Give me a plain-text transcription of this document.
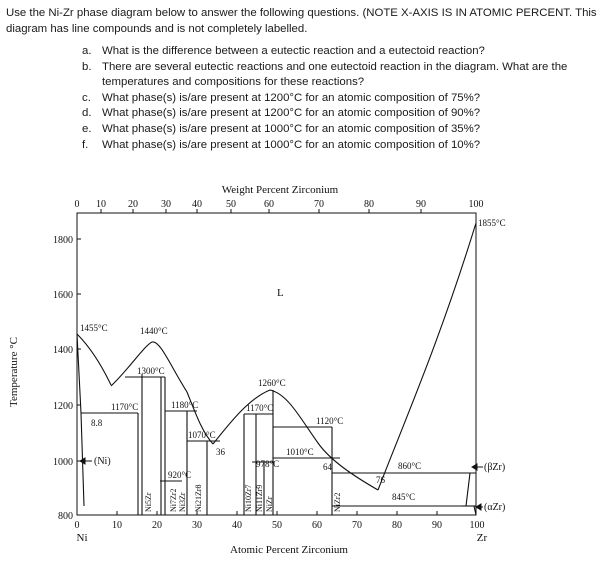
Use the Ni-Zr phase diagram below to answer the following questions. (NOTE X-AXIS IS IN ATOMIC PERCENT. This diagram has line compounds and is not completely labelled.

a. What is the difference between a eutectic reaction and a eutectoid reaction?
b. There are several eutectic reactions and one eutectoid reaction in the diagram. What are the temperatures and compositions for these reactions?
c. What phase(s) is/are present at 1200°C for an atomic composition of 75%?
d. What phase(s) is/are present at 1200°C for an atomic composition of 90%?
e. What phase(s) is/are present at 1000°C for an atomic composition of 35%?
f. What phase(s) is/are present at 1000°C for an atomic composition of 10%?
Weight Percent Zirconium
0 10 20 30 40 50	60	70	80	90	100
Temperature °C
800
1000
1200
1400
1600
1800
0	10	20	30	40	50	60	70	80	90	100
Ni	Zr
Atomic Percent Zirconium
L
1855°C
1455°C	1440°C
1300°C
1260°C
1170°C	1180°C	1170°C
1120°C
1070°C
1010°C
978°C
920°C
860°C
845°C
8.8
36
64
76
(Ni)
(βZr)
(αZr)
Ni5Zr Ni7Zr2 Ni3Zr Ni21Zr8	Ni10Zr7 Ni11Zr9 NiZr	NiZr2
